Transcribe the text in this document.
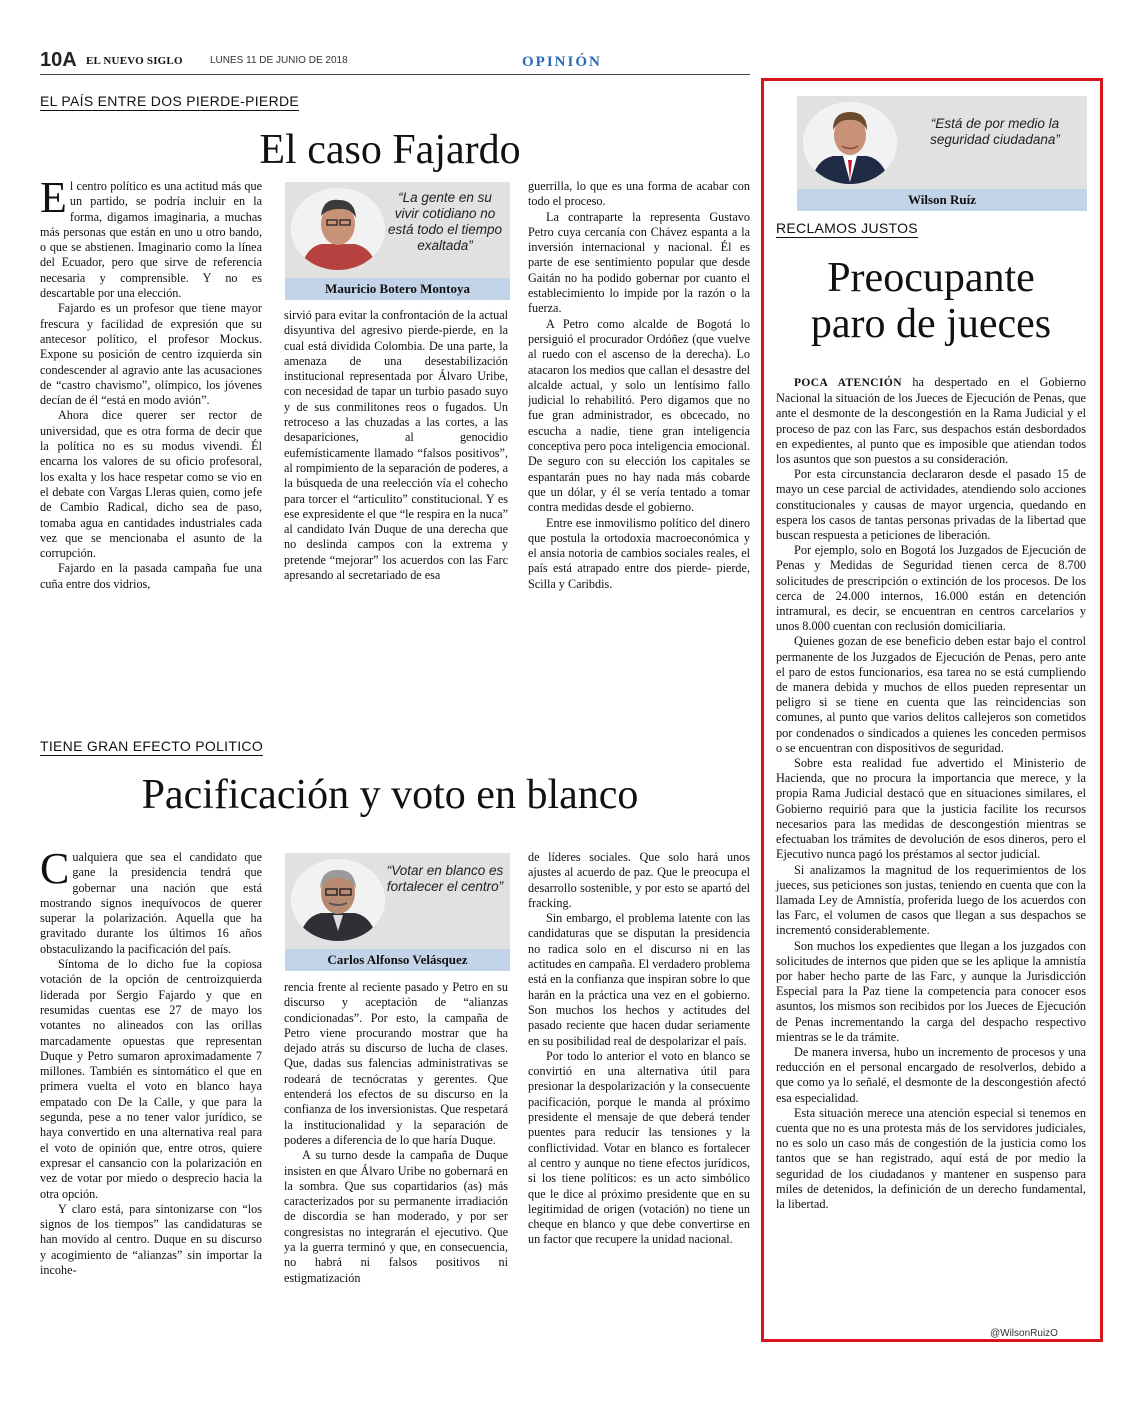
10A EL NUEVO SIGLO	LUNES 11 DE JUNIO DE 2018	OPINIÓN
EL PAÍS ENTRE DOS PIERDE-PIERDE
El caso Fajardo

El centro político es una actitud más que un partido, se podría incluir en la forma, digamos imaginaria, a muchas más personas que están en uno u otro bando, o que se abstienen. Imaginario como la línea del Ecuador, pero que sirve de referencia necesaria y comprensible. Y no es descartable por una elección.

Fajardo es un profesor que tiene mayor frescura y facilidad de expresión que su antecesor político, el profesor Mockus. Expone su posición de centro izquierda sin condescender al agravio ante las acusaciones de “castro chavismo”, olímpico, los jóvenes decían de él “está en modo avión”.

Ahora dice querer ser rector de universidad, que es otra forma de decir que la política no es su modus vivendi. Él encarna los valores de su oficio profesoral, los exalta y los hace respetar como se vio en el debate con Vargas Lleras quien, como jefe de Cambio Radical, dicho sea de paso, tomaba agua en cantidades industriales cada vez que se mencionaba el asunto de la corrupción.

Fajardo en la pasada campaña fue una cuña entre dos vidrios,

“La gente en su vivir cotidiano no está todo el tiempo exaltada”
Mauricio Botero Montoya

sirvió para evitar la confrontación de la actual disyuntiva del agresivo pierde-pierde, en la cual está dividida Colombia. De una parte, la amenaza de una desestabilización institucional representada por Álvaro Uribe, con necesidad de tapar un turbio pasado suyo y de sus conmilitones reos o fugados. Un retroceso a las chuzadas a las cortes, a las desapariciones, al genocidio eufemísticamente llamado “falsos positivos”, al rompimiento de la separación de poderes, a la búsqueda de una reelección vía el cohecho para torcer el “articulito” constitucional. Y es ese expresidente el que “le respira en la nuca” al candidato Iván Duque de una derecha que no deslinda campos con la extrema y pretende “mejorar” los acuerdos con las Farc apresando al secretariado de esa

guerrilla, lo que es una forma de acabar con todo el proceso.

La contraparte la representa Gustavo Petro cuya cercanía con Chávez espanta a la inversión internacional y nacional. Él es parte de ese sentimiento popular que desde Gaitán no ha podido gobernar por cuanto el establecimiento lo impide por la razón o la fuerza.

A Petro como alcalde de Bogotá lo persiguió el procurador Ordóñez (que vuelve al ruedo con el ascenso de la derecha). Lo atacaron los medios que callan el desastre del alcalde actual, y solo un lentísimo fallo judicial lo rehabilitó. Pero digamos que no fue gran administrador, es obcecado, no escucha a nadie, tiene gran inteligencia conceptiva pero poca inteligencia emocional. De seguro con su elección los capitales se espantarán pues no hay nada más cobarde que un dólar, y él se vería tentado a tomar contra medidas desde el gobierno.

Entre ese inmovilismo político del dinero que postula la ortodoxia macroeconómica y el ansia notoria de cambios sociales reales, el país está atrapado entre dos pierde- pierde, Scilla y Caribdis.

TIENE GRAN EFECTO POLITICO
Pacificación y voto en blanco

Cualquiera que sea el candidato que gane la presidencia tendrá que gobernar una nación que está mostrando signos inequívocos de querer superar la polarización. Aquella que ha gravitado durante los últimos 16 años obstaculizando la pacificación del país.

Síntoma de lo dicho fue la copiosa votación de la opción de centroizquierda liderada por Sergio Fajardo y que en resumidas cuentas ese 27 de mayo los votantes no alineados con las orillas marcadamente opuestas que representan Duque y Petro sumaron aproximadamente 7 millones. También es sintomático el que en primera vuelta el voto en blanco haya empatado con De la Calle, y que para la segunda, pese a no tener valor jurídico, se haya convertido en una alternativa real para el voto de opinión que, entre otros, quiere expresar el cansancio con la polarización en vez de votar por miedo o desprecio hacia la otra opción.

Y claro está, para sintonizarse con “los signos de los tiempos” las candidaturas se han movido al centro. Duque en su discurso y acogimiento de “alianzas” sin importar la incohe-

“Votar en blanco es fortalecer el centro”
Carlos Alfonso Velásquez

rencia frente al reciente pasado y Petro en su discurso y aceptación de “alianzas condicionadas”. Por esto, la campaña de Petro viene procurando mostrar que ha dejado atrás su discurso de lucha de clases. Que, dadas sus falencias administrativas se rodeará de tecnócratas y gerentes. Que entenderá los efectos de su discurso en la confianza de los inversionistas. Que respetará la institucionalidad y la separación de poderes a diferencia de lo que haría Duque.

A su turno desde la campaña de Duque insisten en que Álvaro Uribe no gobernará en la sombra. Que sus copartidarios (as) más caracterizados por su permanente irradiación de discordia se han moderado, y por ser congresistas no integrarán el ejecutivo. Que ya la guerra terminó y que, en consecuencia, no habrá ni falsos positivos ni estigmatización

de líderes sociales. Que solo hará unos ajustes al acuerdo de paz. Que le preocupa el desarrollo sostenible, y por esto se apartó del fracking.

Sin embargo, el problema latente con las candidaturas que se disputan la presidencia no radica solo en el discurso ni en las actitudes en campaña. El verdadero problema está en la confianza que inspiran sobre lo que harán en la práctica una vez en el gobierno. Son muchos los hechos y actitudes del pasado reciente que hacen dudar seriamente en su posibilidad real de despolarizar el país.

Por todo lo anterior el voto en blanco se convirtió en una alternativa útil para presionar la despolarización y la consecuente pacificación, porque le manda al próximo presidente el mensaje de que deberá tender puentes para reducir las tensiones y la conflictividad. Votar en blanco es fortalecer al centro y aunque no tiene efectos jurídicos, si los tiene políticos: es un acto simbólico que le dice al próximo presidente que en su legitimidad de origen (votación) no tiene un cheque en blanco y que debe convertirse en un factor que recupere la unidad nacional.

“Está de por medio la seguridad ciudadana”
Wilson Ruíz
RECLAMOS JUSTOS
Preocupante
paro de jueces

POCA ATENCIÓN ha despertado en el Gobierno Nacional la situación de los Jueces de Ejecución de Penas, que ante el desmonte de la descongestión en la Rama Judicial y el proceso de paz con las Farc, sus despachos están desbordados en expedientes, al punto que es imposible que atiendan todos los asuntos que son puestos a su consideración.

Por esta circunstancia declararon desde el pasado 15 de mayo un cese parcial de actividades, atendiendo solo acciones constitucionales y causas de mayor urgencia, quedando en espera los casos de tantas personas privadas de la libertad que buscan respuesta a peticiones de liberación.

Por ejemplo, solo en Bogotá los Juzgados de Ejecución de Penas y Medidas de Seguridad tienen cerca de 8.700 solicitudes de prescripción o extinción de los procesos. De los cerca de 24.000 internos, 16.000 están en detención intramural, es decir, se encuentran en centros carcelarios y unos 8.000 cuentan con reclusión domiciliaria.

Quienes gozan de ese beneficio deben estar bajo el control permanente de los Juzgados de Ejecución de Penas, pero ante el paro de estos funcionarios, esa tarea no se está cumpliendo de manera debida y muchos de ellos pueden representar un peligro si se tiene en cuenta que las reincidencias son comunes, al punto que varios delitos callejeros son cometidos por condenados o sindicados a quienes les conceden permisos o se encuentran con dispositivos de seguridad.

Sobre esta realidad fue advertido el Ministerio de Hacienda, que no procura la importancia que merece, y la propia Rama Judicial destacó que en situaciones similares, el Gobierno requirió para que la justicia facilite los recursos necesarios para las medidas de descongestión mientras se efectuaban los trámites de devolución de esos dineros, pero el Ejecutivo nunca pagó los préstamos al sector judicial.

Si analizamos la magnitud de los requerimientos de los jueces, sus peticiones son justas, teniendo en cuenta que con la llamada Ley de Amnistía, proferida luego de los acuerdos con las Farc, el volumen de casos que llegan a sus despachos se incrementó considerablemente.

Son muchos los expedientes que llegan a los juzgados con solicitudes de internos que piden que se les aplique la amnistía por haber hecho parte de las Farc, y aunque la Jurisdicción Especial para la Paz tiene la competencia para conocer esos asuntos, los mismos son recibidos por los Jueces de Ejecución de Penas incrementando la carga del despacho respectivo mientras se le da trámite.

De manera inversa, hubo un incremento de procesos y una reducción en el personal encargado de resolverlos, debido a que como ya lo señalé, el desmonte de la descongestión afectó esa especialidad.

Esta situación merece una atención especial si tenemos en cuenta que no es una protesta más de los servidores judiciales, no es solo un caso más de congestión de la justicia como los tantos que se han registrado, aquí está de por medio la seguridad de los ciudadanos y mantener en suspenso para miles de detenidos, la definición de un derecho fundamental, la libertad.

@WilsonRuizO
